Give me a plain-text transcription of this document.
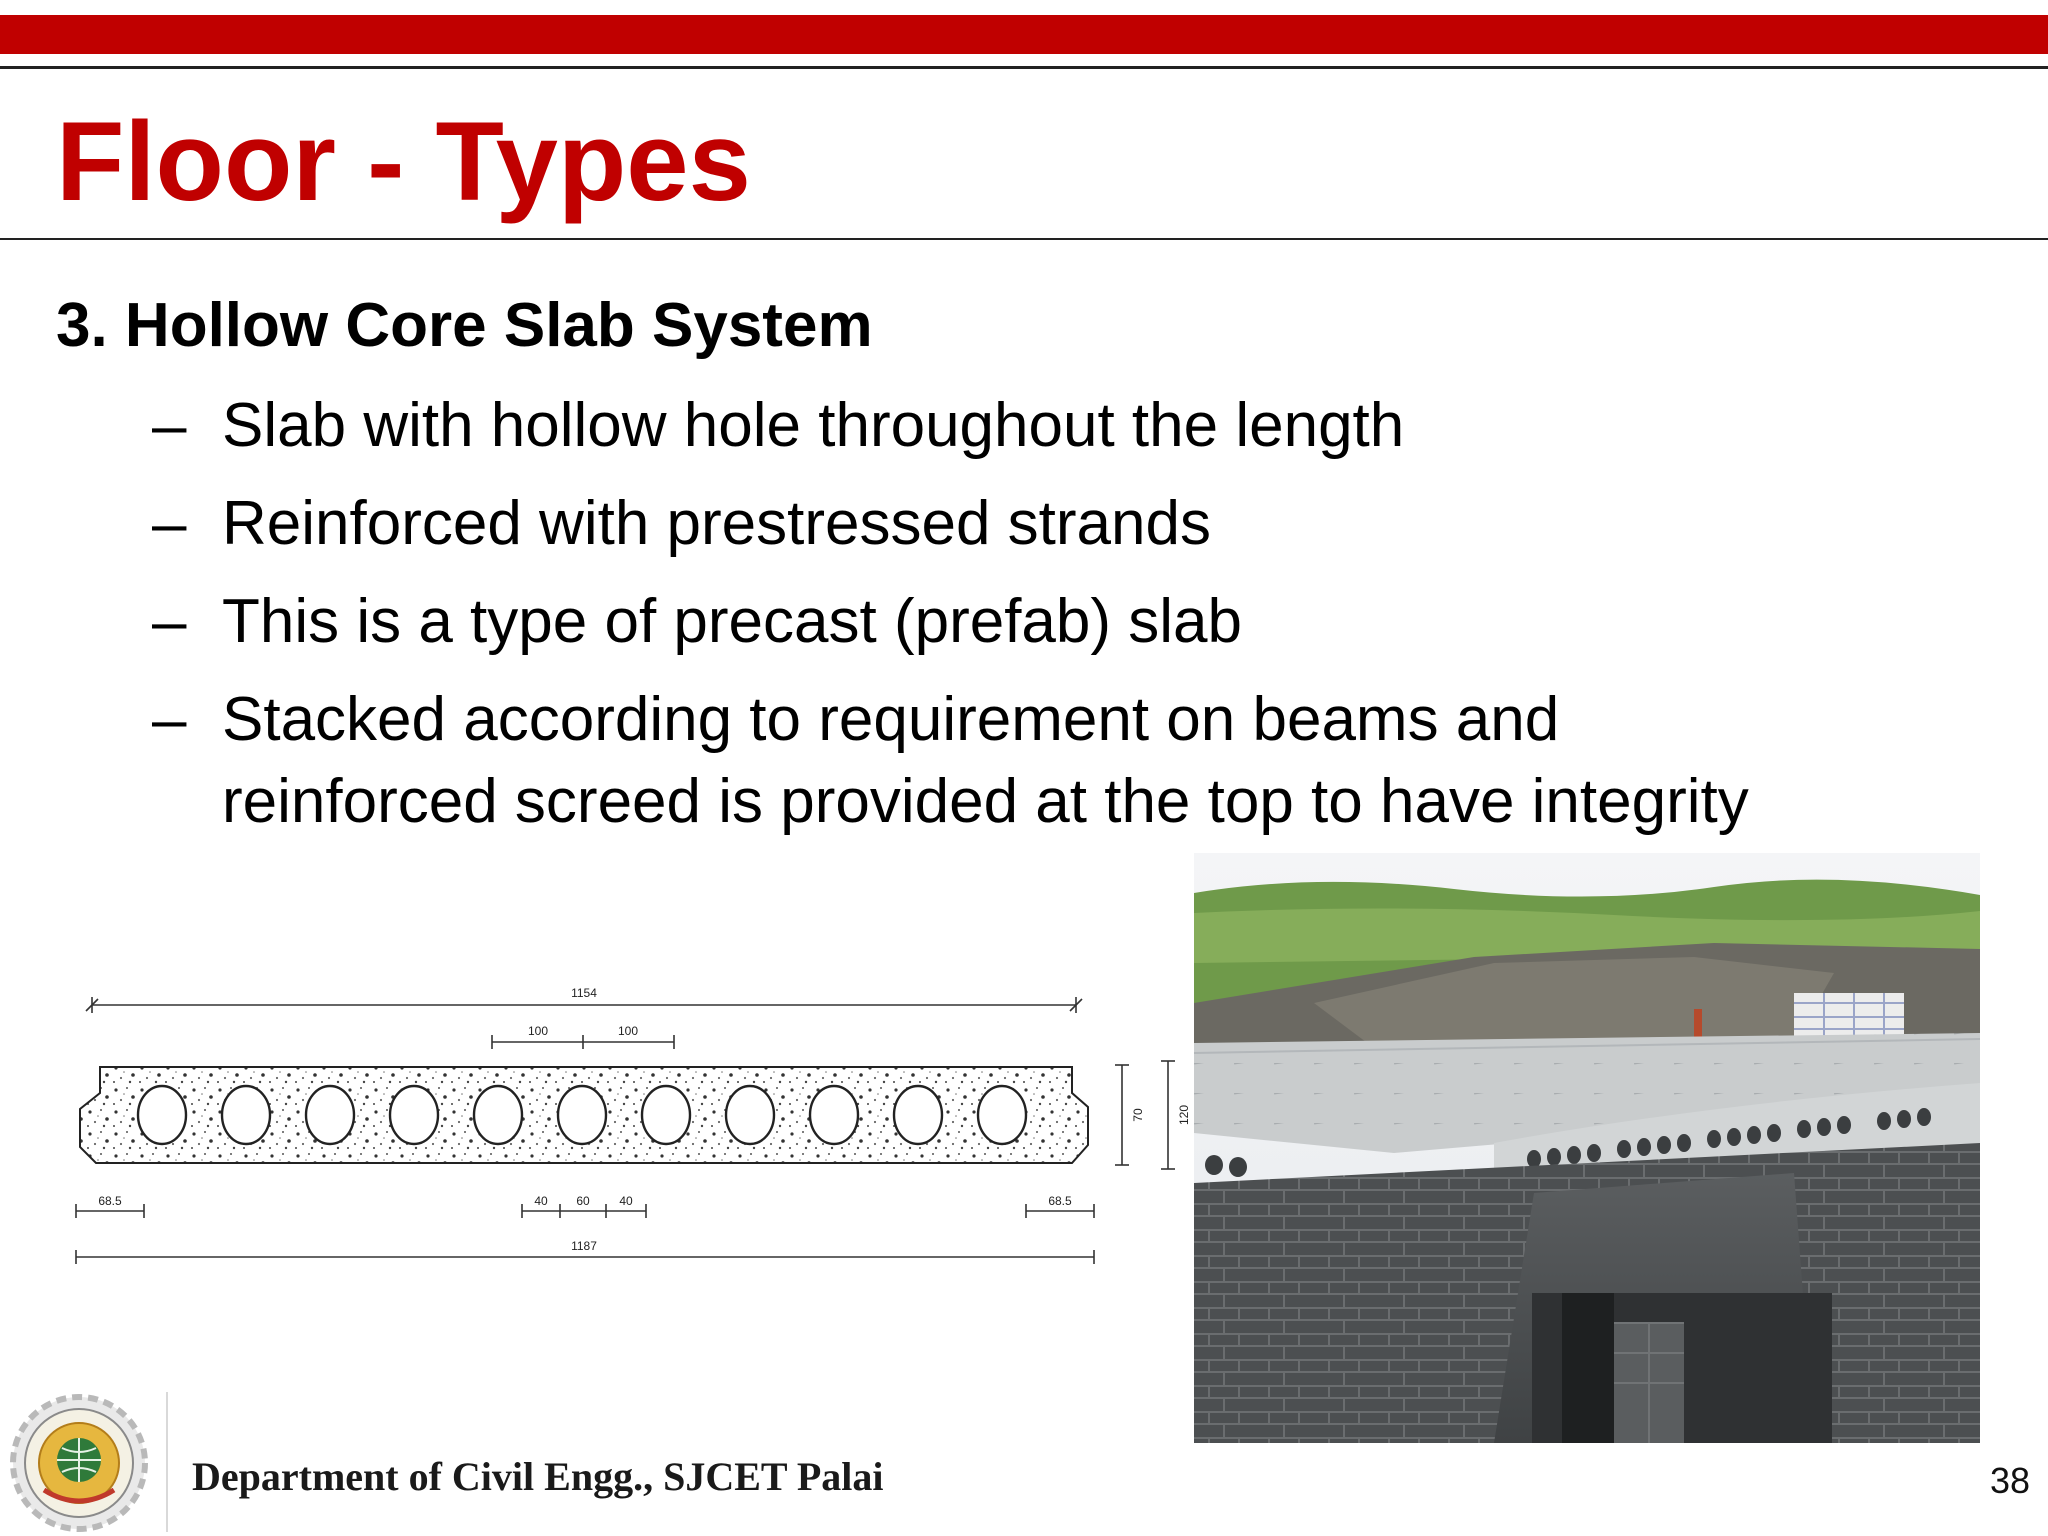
Floor - Types
3. Hollow Core Slab System
– Slab with hollow hole throughout the length
– Reinforced with prestressed strands
– This is a type of precast (prefab) slab
– Stacked according to requirement on beams and
reinforced screed is provided at the top to have integrity
1154
100	100
70	120
68.5	40 60 40	68.5
1187

Department of Civil Engg., SJCET Palai	38
